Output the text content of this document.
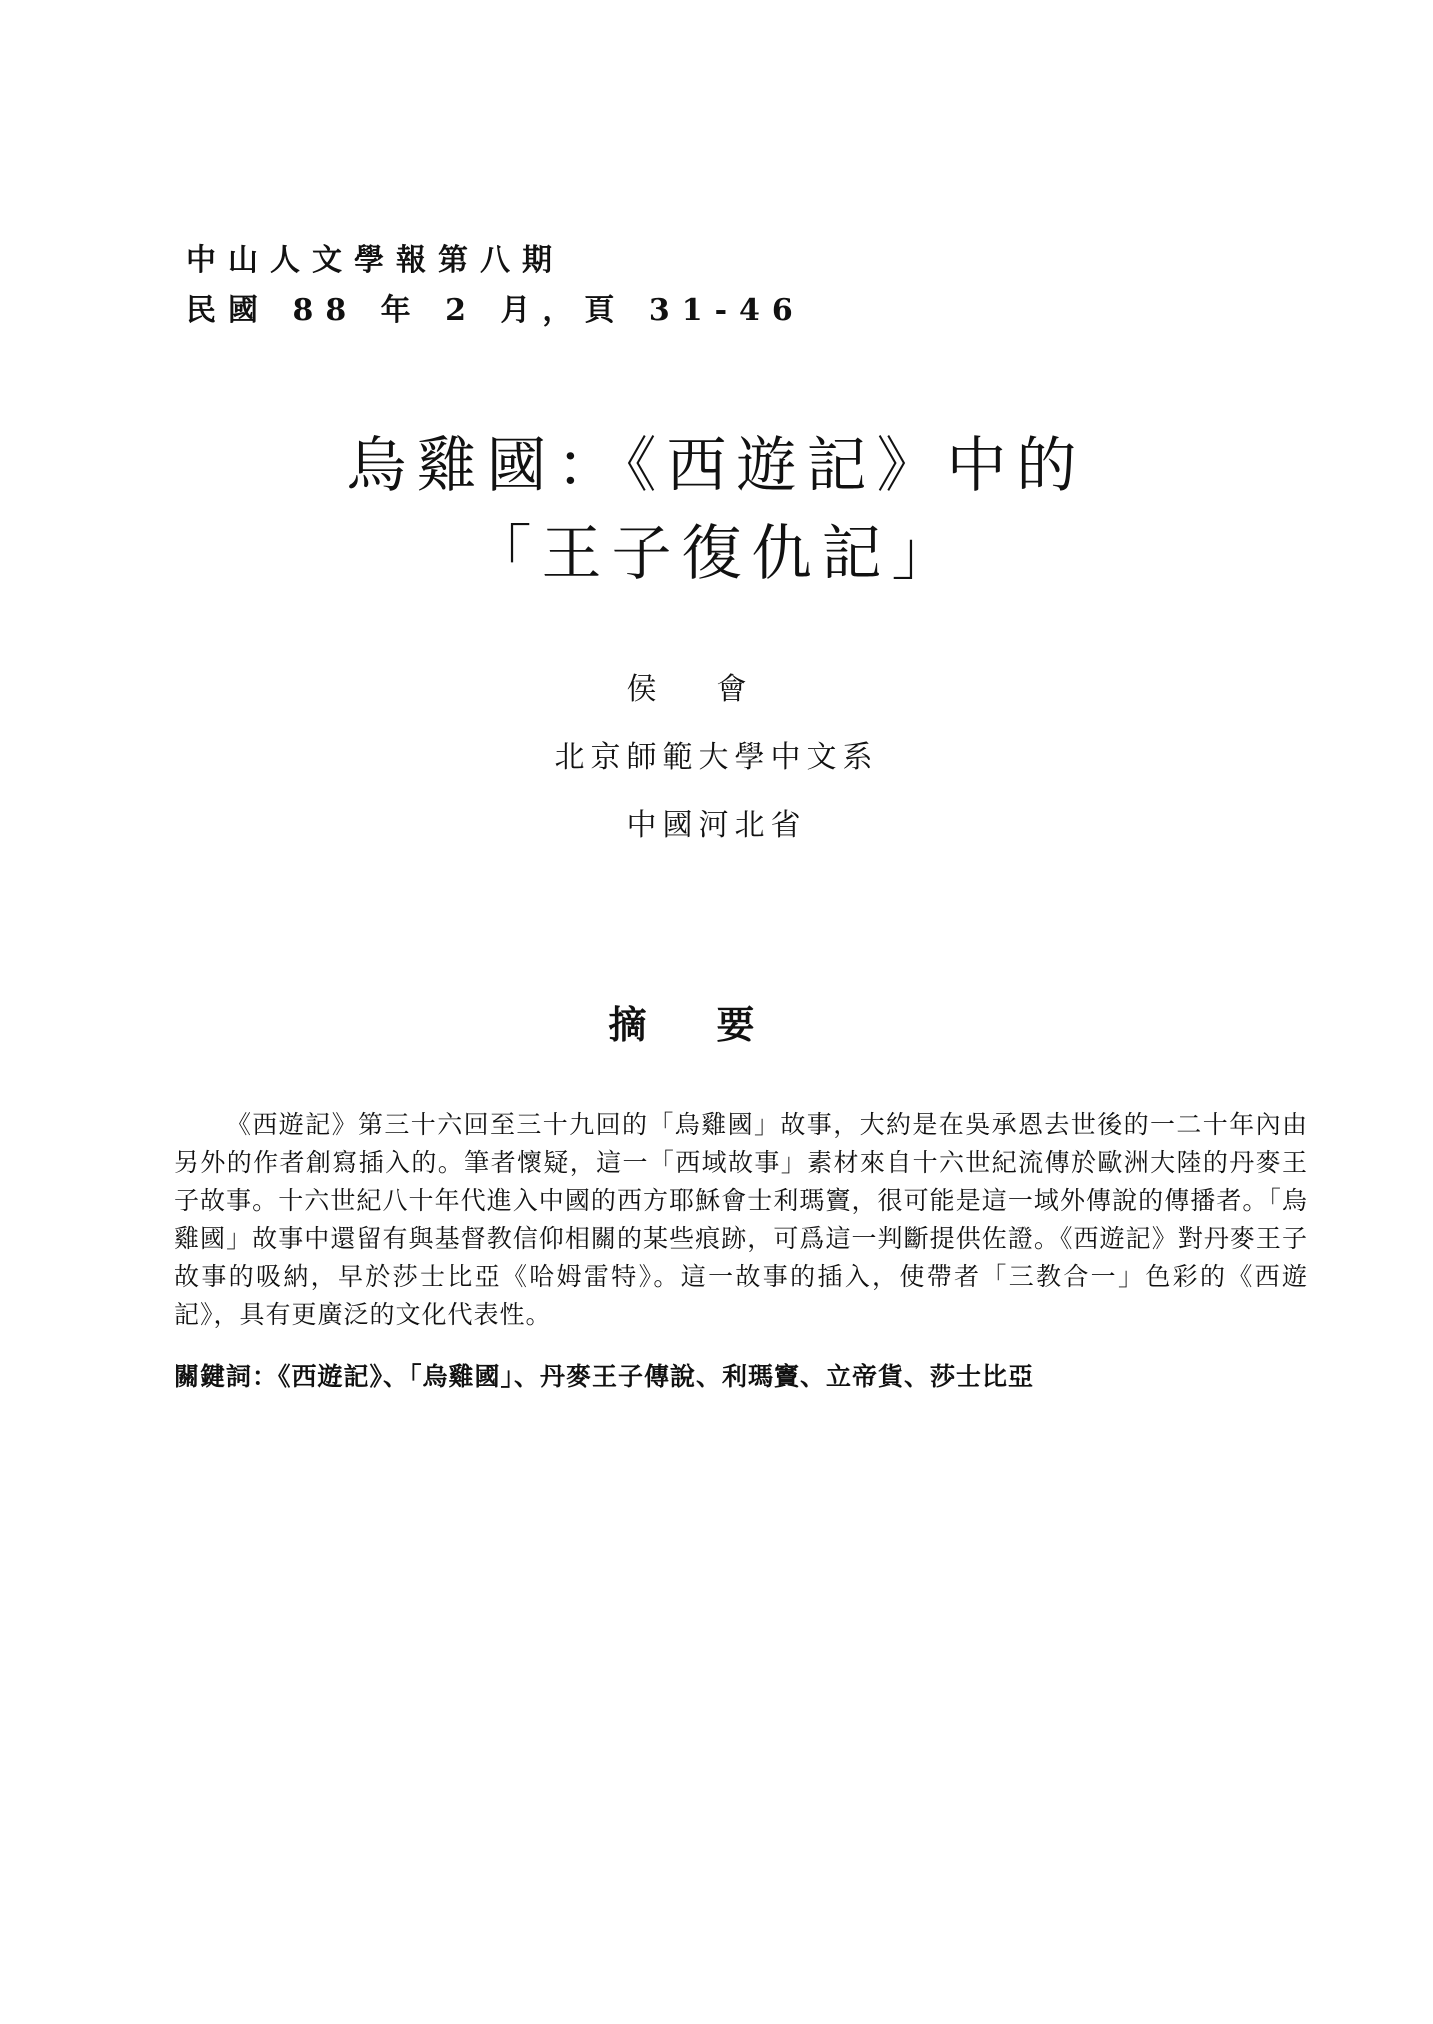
中山人文學報第八期
民國 88 年 2 月，頁 31-46
烏雞國：《西遊記》中的
「王子復仇記」
侯會
北京師範大學中文系
中國河北省
摘要

《西遊記》第三十六回至三十九回的「烏雞國」故事，大約是在吳承恩去世後的一二十年內由另外的作者創寫插入的。筆者懷疑，這一「西域故事」素材來自十六世紀流傳於歐洲大陸的丹麥王子故事。十六世紀八十年代進入中國的西方耶穌會士利瑪竇，很可能是這一域外傳說的傳播者。「烏雞國」故事中還留有與基督教信仰相關的某些痕跡，可爲這一判斷提供佐證。《西遊記》對丹麥王子故事的吸納，早於莎士比亞《哈姆雷特》。這一故事的插入，使帶者「三教合一」色彩的《西遊記》，具有更廣泛的文化代表性。

關鍵詞：《西遊記》、「烏雞國」、丹麥王子傳說、利瑪竇、立帝貨、莎士比亞
